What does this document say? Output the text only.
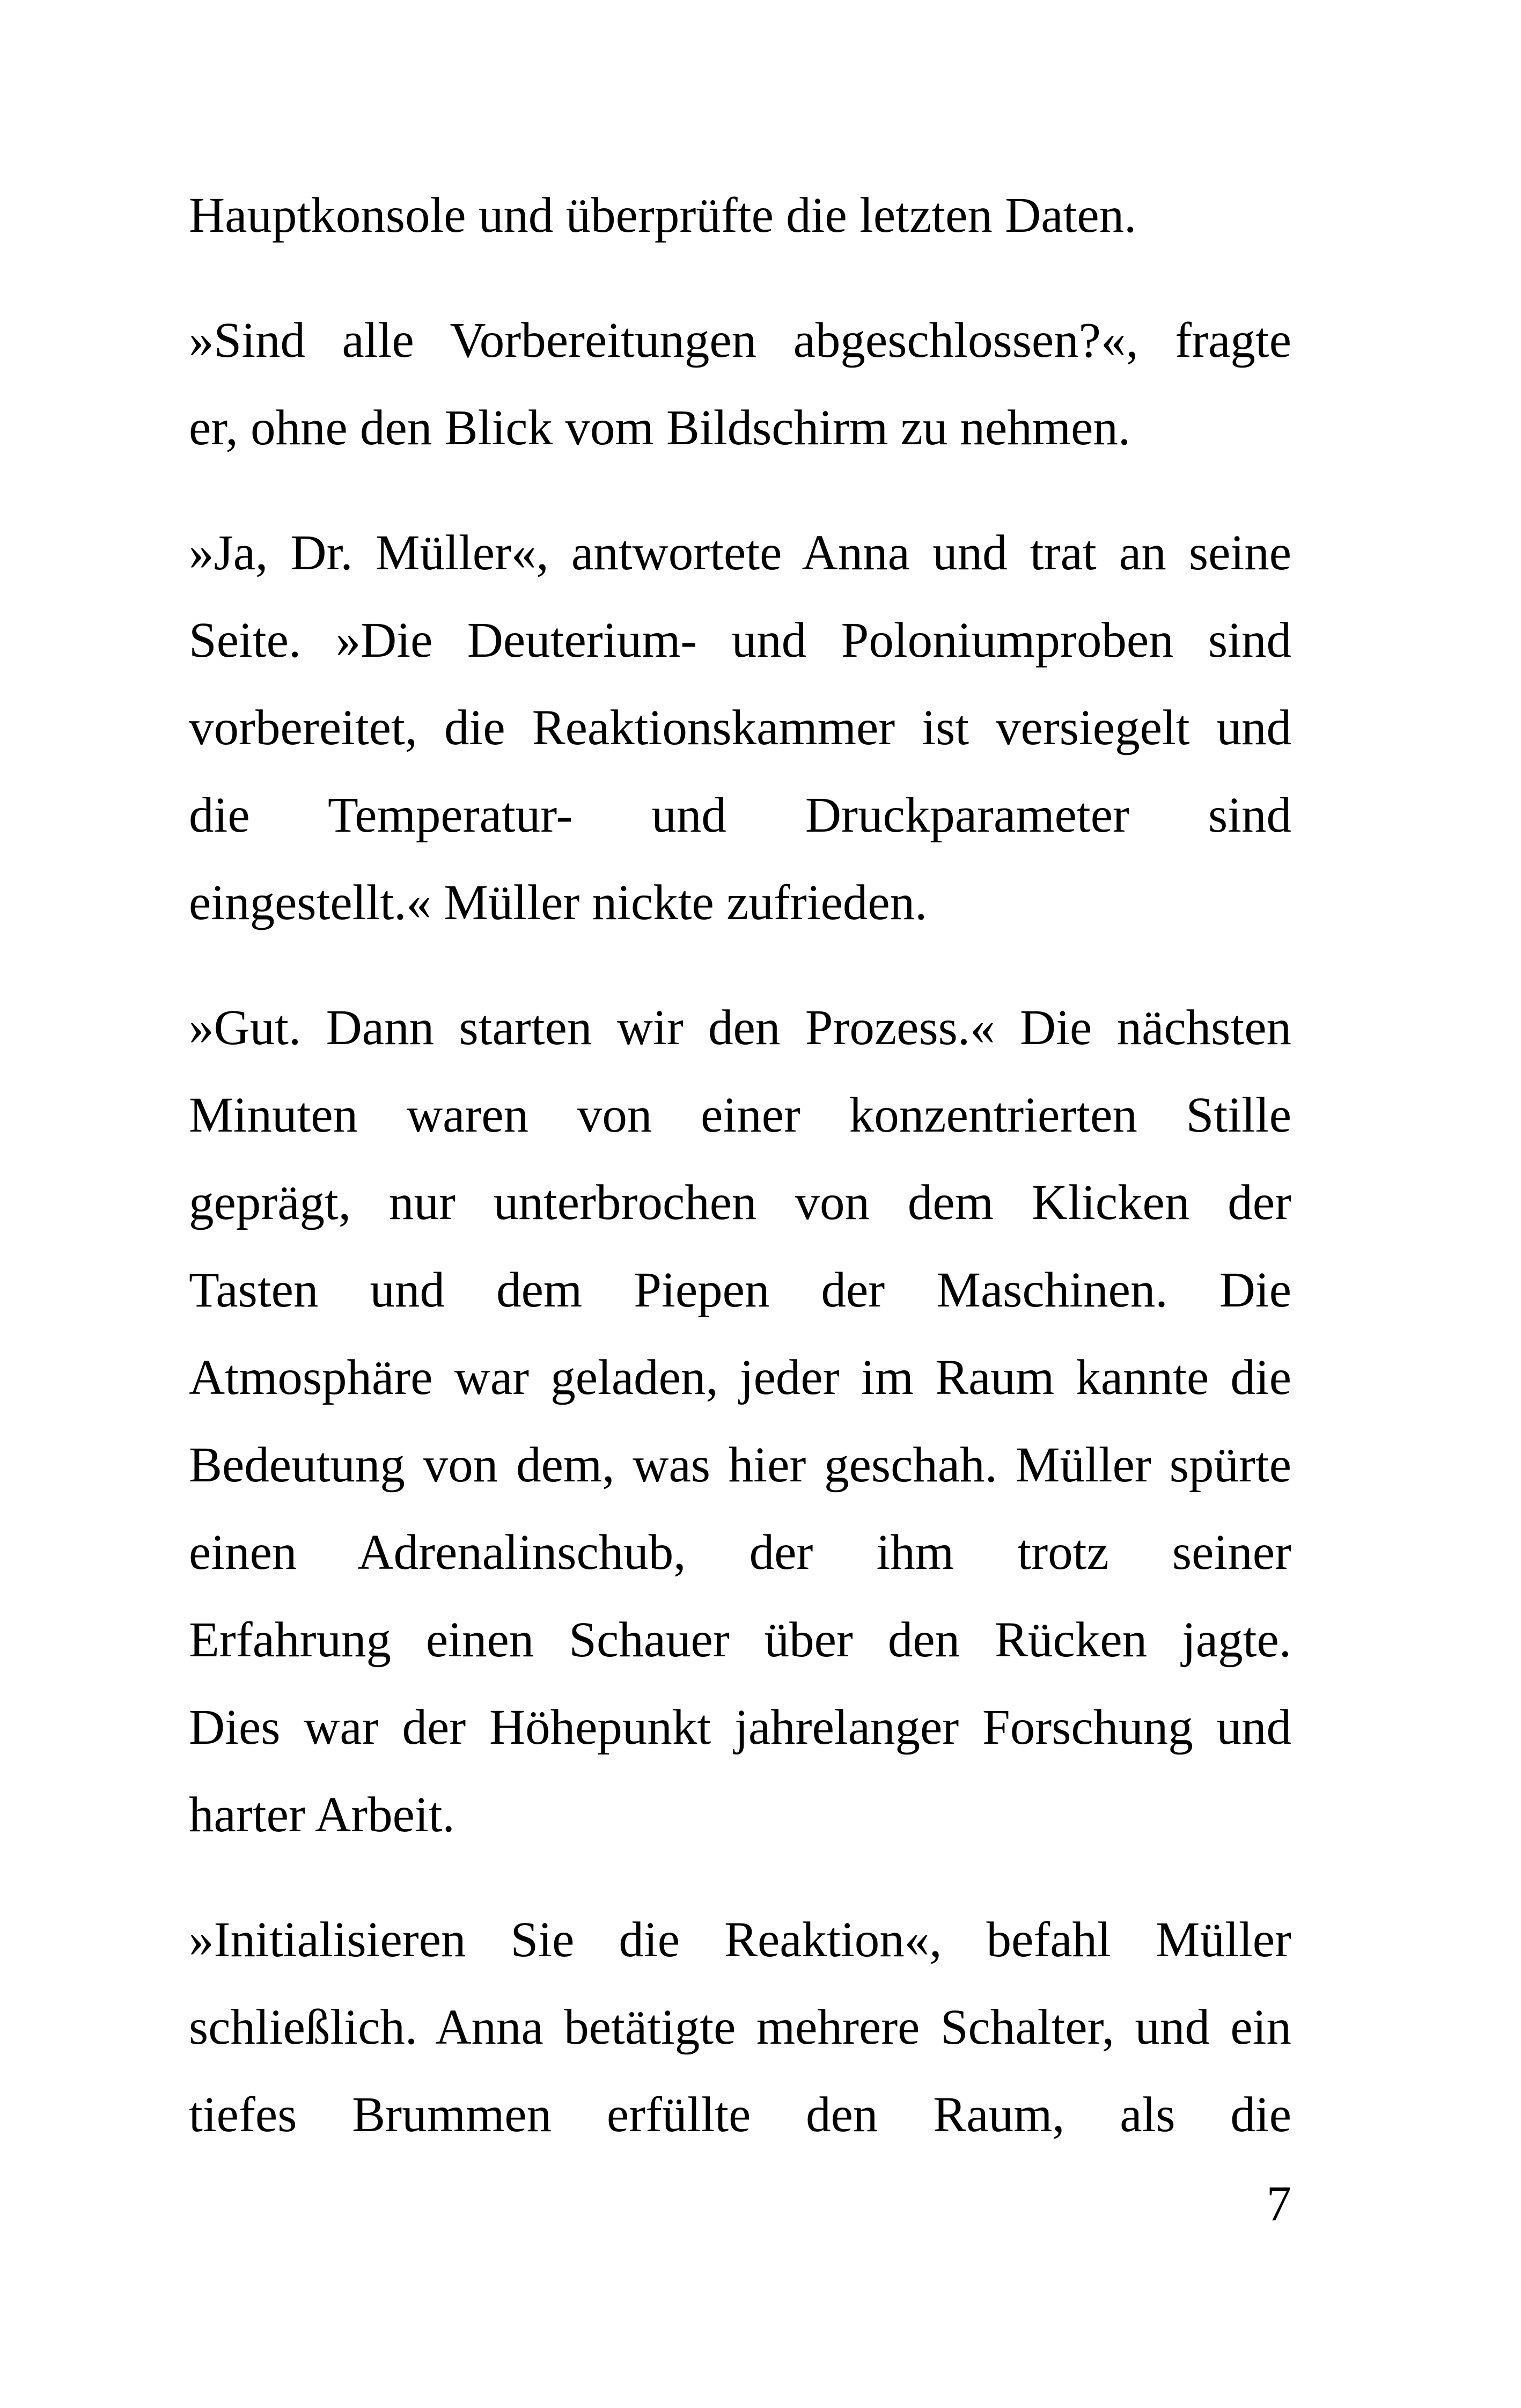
Hauptkonsole und überprüfte die letzten Daten.

»Sind alle Vorbereitungen abgeschlossen?«, fragte
er, ohne den Blick vom Bildschirm zu nehmen.

»Ja, Dr. Müller«, antwortete Anna und trat an seine
Seite. »Die Deuterium- und Poloniumproben sind
vorbereitet, die Reaktionskammer ist versiegelt und
die Temperatur- und Druckparameter sind
eingestellt.« Müller nickte zufrieden.

»Gut. Dann starten wir den Prozess.« Die nächsten
Minuten waren von einer konzentrierten Stille
geprägt, nur unterbrochen von dem Klicken der
Tasten und dem Piepen der Maschinen. Die
Atmosphäre war geladen, jeder im Raum kannte die
Bedeutung von dem, was hier geschah. Müller spürte
einen Adrenalinschub, der ihm trotz seiner
Erfahrung einen Schauer über den Rücken jagte.
Dies war der Höhepunkt jahrelanger Forschung und
harter Arbeit.

»Initialisieren Sie die Reaktion«, befahl Müller
schließlich. Anna betätigte mehrere Schalter, und ein
tiefes Brummen erfüllte den Raum, als die

7
